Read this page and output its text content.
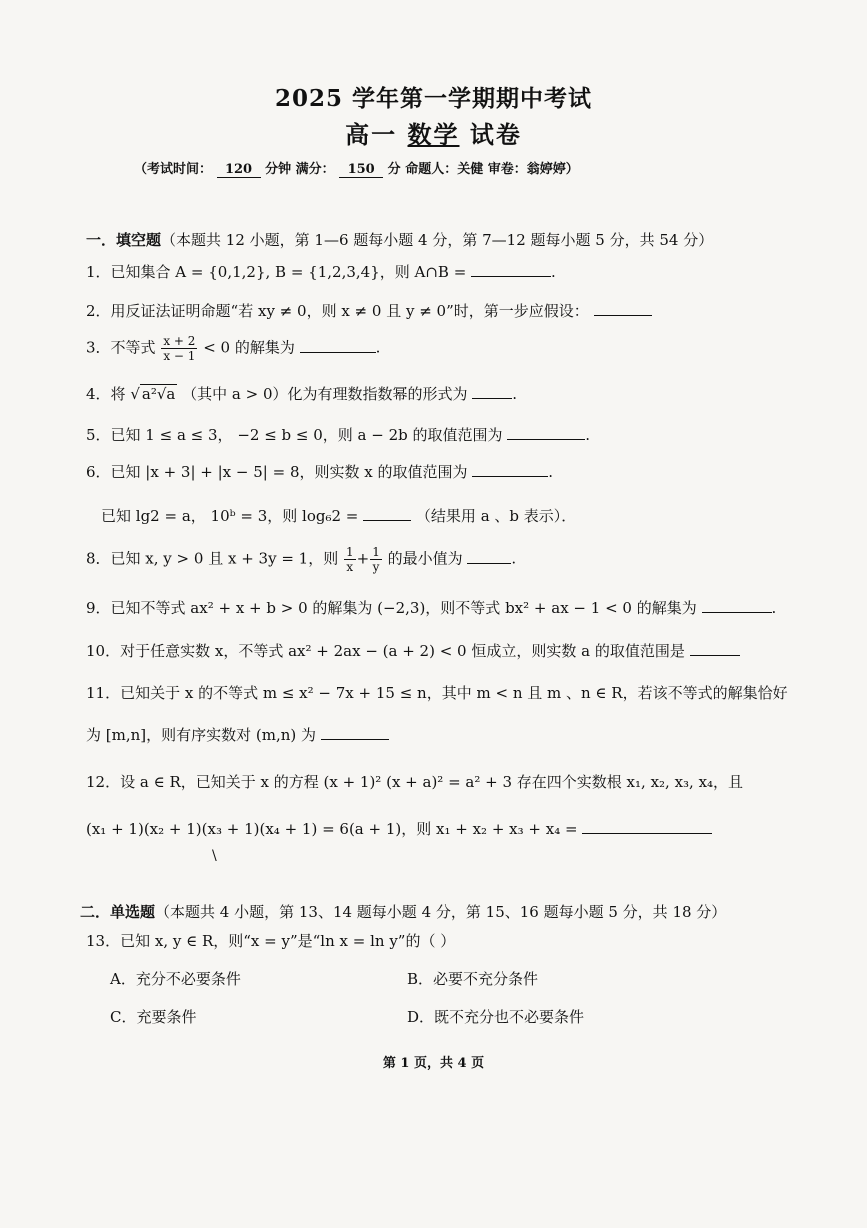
2025 学年第一学期期中考试
高一 数学 试卷
（考试时间： 120 分钟 满分： 150 分 命题人：关健 审卷：翁婷婷）
一．填空题（本题共 12 小题，第 1—6 题每小题 4 分，第 7—12 题每小题 5 分，共 54 分）
1．已知集合 A = {0,1,2}, B = {1,2,3,4}，则 A∩B =	.
2．用反证法证明命题“若 xy ≠ 0，则 x ≠ 0 且 y ≠ 0”时，第一步应假设：
3．不等式 $\frac{x + 2}{x - 1} < 0$ 的解集为	.
4．将 √ a²√a （其中 a > 0）化为有理数指数幂的形式为	.
5．已知 1 ≤ a ≤ 3， −2 ≤ b ≤ 0，则 a − 2b 的取值范围为	.
6．已知 |x + 3| + |x − 5| = 8，则实数 x 的取值范围为	.
已知 lg2 = a， 10ᵇ = 3，则 log₆2 =	（结果用 a 、b 表示）．
8．已知 x, y > 0 且 x + 3y = 1，则 $\frac{1}{x} + \frac{1}{y}$ 的最小值为	.
9．已知不等式 ax² + x + b > 0 的解集为 (−2,3)，则不等式 bx² + ax − 1 < 0 的解集为	.
10．对于任意实数 x，不等式 ax² + 2ax − (a + 2) < 0 恒成立，则实数 a 的取值范围是
11．已知关于 x 的不等式 m ≤ x² − 7x + 15 ≤ n，其中 m < n 且 m 、n ∈ R，若该不等式的解集恰好
为 [m,n]，则有序实数对 (m,n) 为
12．设 a ∈ R，已知关于 x 的方程 (x + 1)² (x + a)² = a² + 3 存在四个实数根 x₁, x₂, x₃, x₄，且
(x₁ + 1)(x₂ + 1)(x₃ + 1)(x₄ + 1) = 6(a + 1)，则 x₁ + x₂ + x₃ + x₄ =
\
二．单选题（本题共 4 小题，第 13、14 题每小题 4 分，第 15、16 题每小题 5 分，共 18 分）
13．已知 x, y ∈ R，则“x = y”是“ln x = ln y”的（ ）
A．充分不必要条件	B．必要不充分条件
C．充要条件	D．既不充分也不必要条件
第 1 页，共 4 页
